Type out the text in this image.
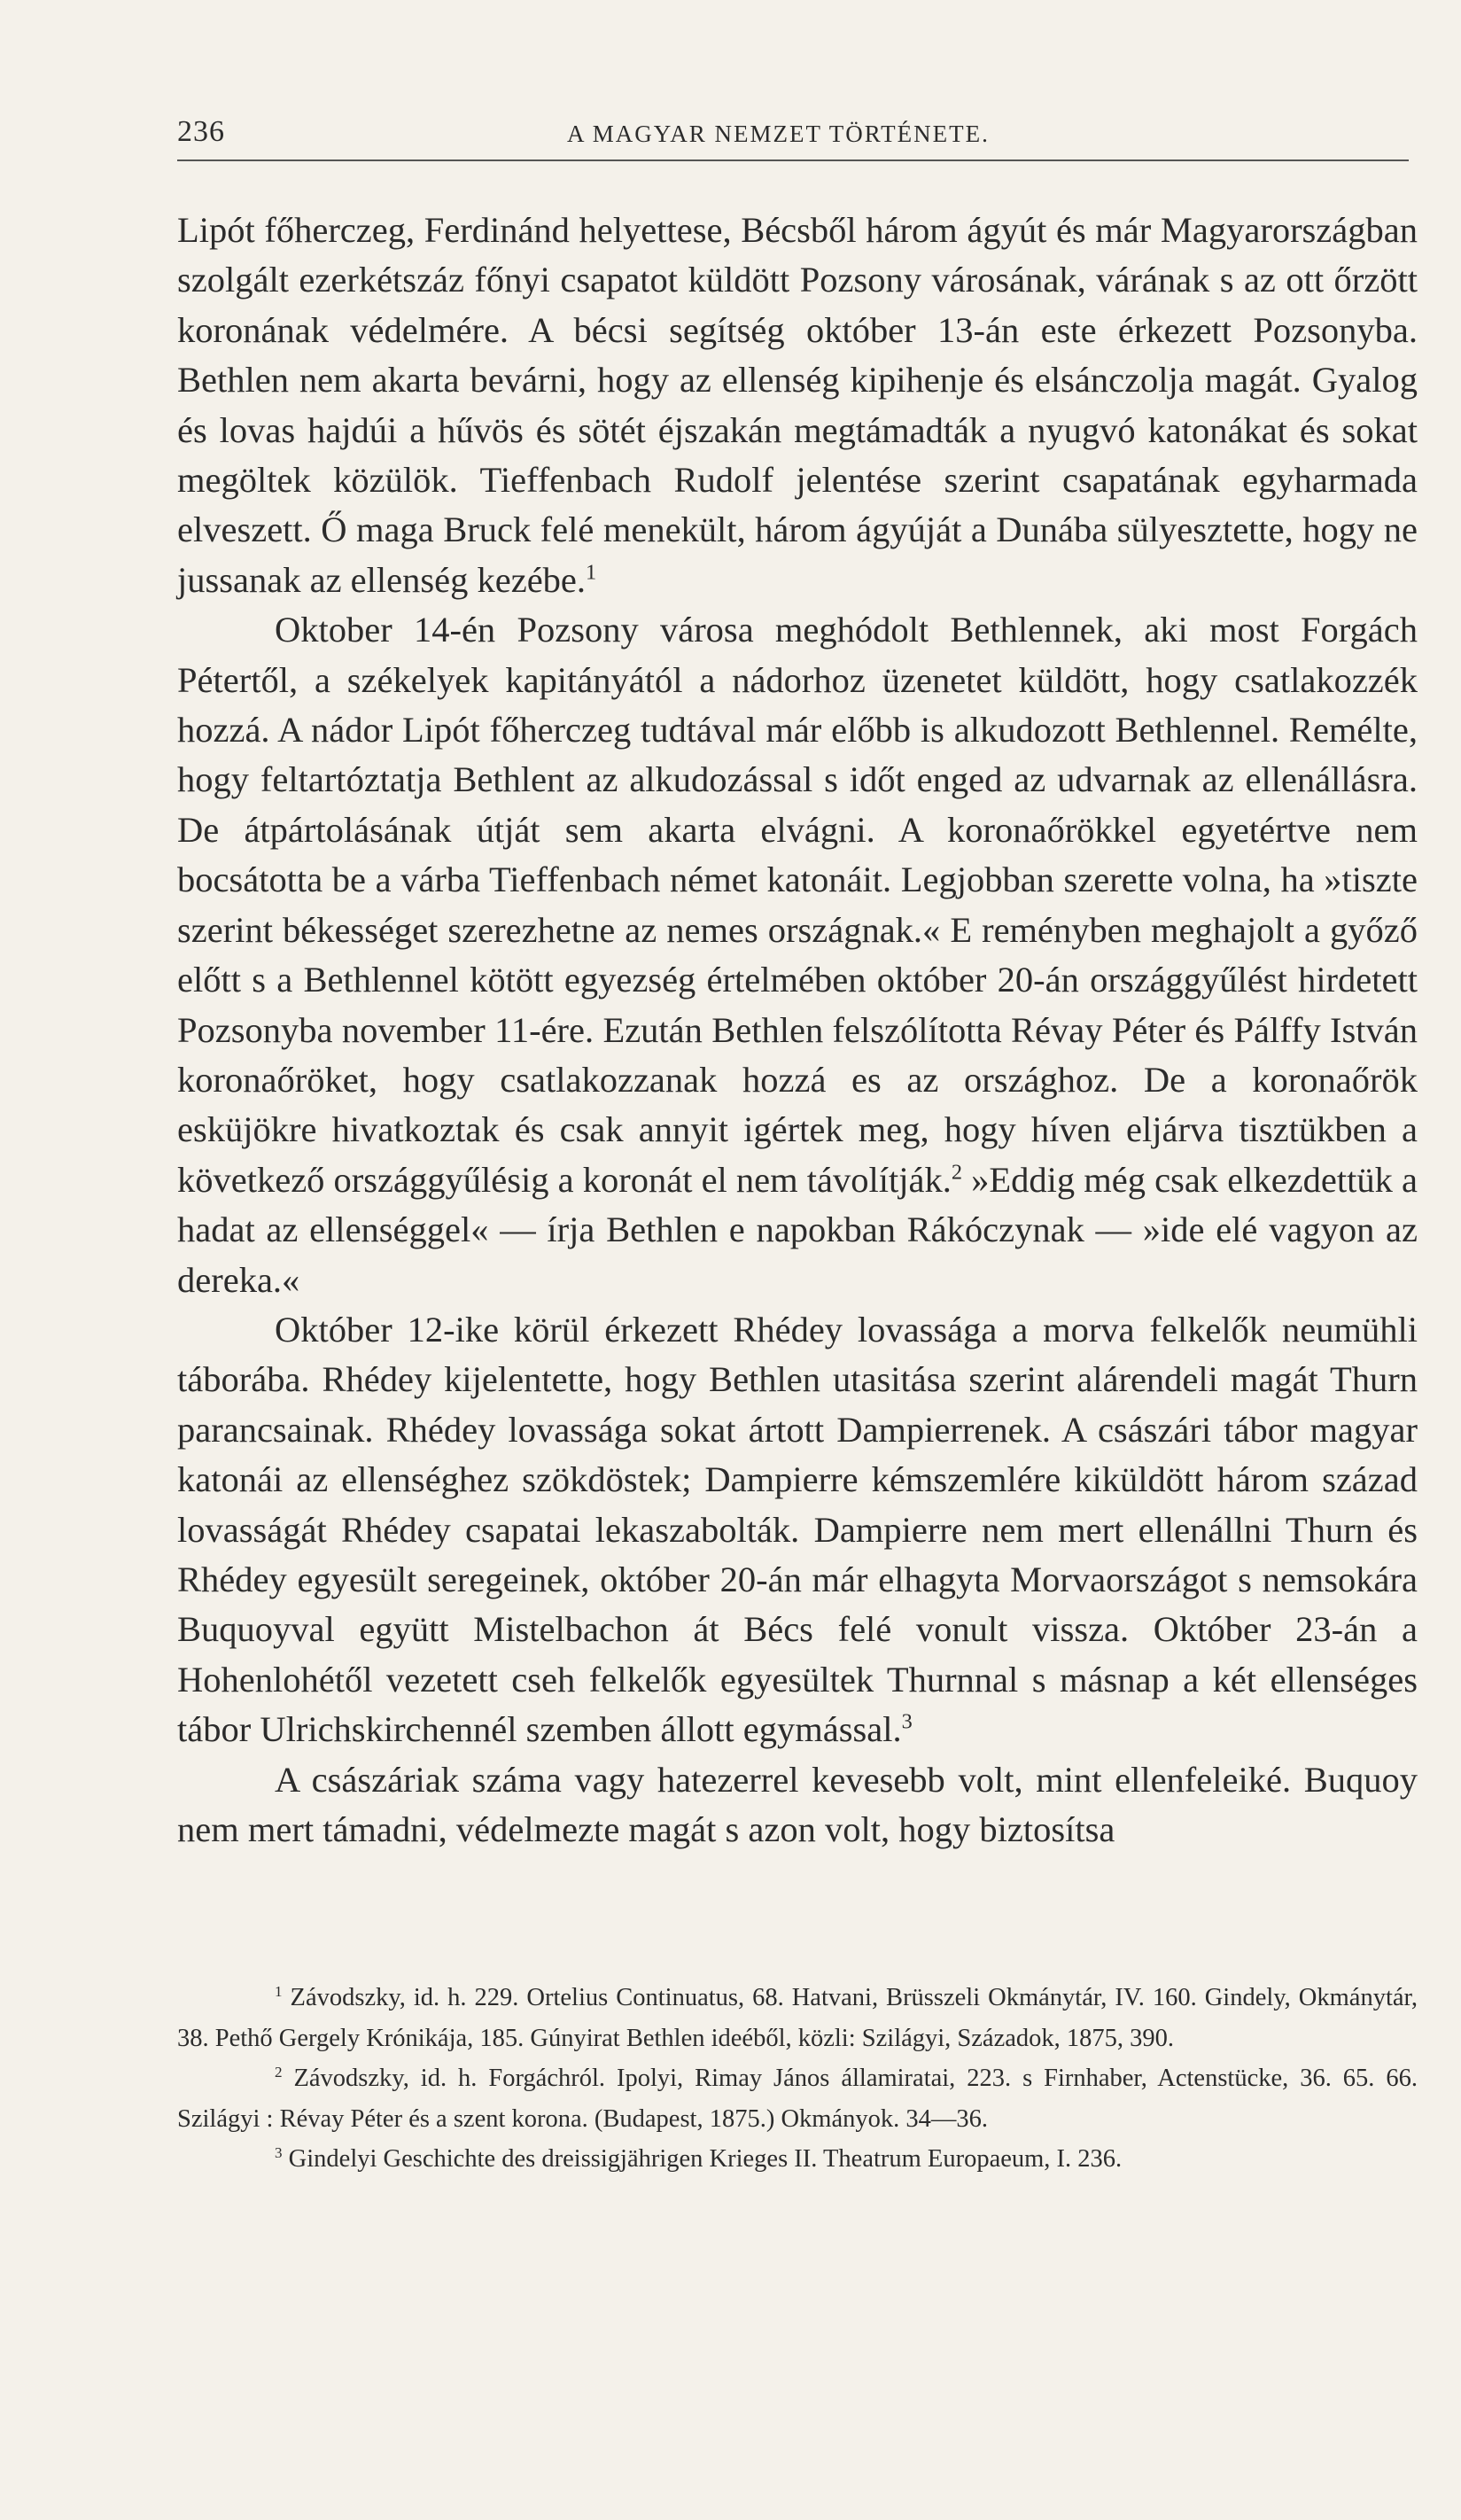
236	A MAGYAR NEMZET TÖRTÉNETE.

Lipót főherczeg, Ferdinánd helyettese, Bécsből három ágyút és már Magyarországban szolgált ezerkétszáz főnyi csapatot küldött Pozsony városának, várának s az ott őrzött koronának védelmére. A bécsi segítség október 13-án este érkezett Pozsonyba. Bethlen nem akarta bevárni, hogy az ellenség kipihenje és elsánczolja magát. Gyalog és lovas hajdúi a hűvös és sötét éjszakán megtámadták a nyugvó katonákat és sokat megöltek közülök. Tieffenbach Rudolf jelentése szerint csapatának egyharmada elveszett. Ő maga Bruck felé menekült, három ágyúját a Dunába sülyesztette, hogy ne jussanak az ellenség kezébe.$^1$

Oktober 14-én Pozsony városa meghódolt Bethlennek, aki most Forgách Pétertől, a székelyek kapitányától a nádorhoz üzenetet küldött, hogy csatlakozzék hozzá. A nádor Lipót főherczeg tudtával már előbb is alkudozott Bethlennel. Remélte, hogy feltartóztatja Bethlent az alkudozással s időt enged az udvarnak az ellenállásra. De átpártolásának útját sem akarta elvágni. A koronaőrökkel egyetértve nem bocsátotta be a várba Tieffenbach német katonáit. Legjobban szerette volna, ha »tiszte szerint békességet szerezhetne az nemes országnak.« E reményben meghajolt a győző előtt s a Bethlennel kötött egyezség értelmében október 20-án országgyűlést hirdetett Pozsonyba november 11-ére. Ezután Bethlen felszólította Révay Péter és Pálffy István koronaőröket, hogy csatlakozzanak hozzá es az országhoz. De a koronaőrök esküjökre hivatkoztak és csak annyit igértek meg, hogy híven eljárva tisztükben a következő országgyűlésig a koronát el nem távolítják.$^2$ »Eddig még csak elkezdettük a hadat az ellenséggel« — írja Bethlen e napokban Rákóczynak — »ide elé vagyon az dereka.«

Október 12-ike körül érkezett Rhédey lovassága a morva felkelők neumühli táborába. Rhédey kijelentette, hogy Bethlen utasitása szerint alárendeli magát Thurn parancsainak. Rhédey lovassága sokat ártott Dampierrenek. A császári tábor magyar katonái az ellenséghez szökdöstek; Dampierre kémszemlére kiküldött három század lovasságát Rhédey csapatai lekaszabolták. Dampierre nem mert ellenállni Thurn és Rhédey egyesült seregeinek, október 20-án már elhagyta Morvaországot s nemsokára Buquoyval együtt Mistelbachon át Bécs felé vonult vissza. Október 23-án a Hohenlohétől vezetett cseh felkelők egyesültek Thurnnal s másnap a két ellenséges tábor Ulrichskirchennél szemben állott egymással.$^3$

A császáriak száma vagy hatezerrel kevesebb volt, mint ellenfeleiké. Buquoy nem mert támadni, védelmezte magát s azon volt, hogy biztosítsa

$^1$ Závodszky, id. h. 229. Ortelius Continuatus, 68. Hatvani, Brüsszeli Okmánytár, IV. 160. Gindely, Okmánytár, 38. Pethő Gergely Krónikája, 185. Gúnyirat Bethlen ideéből, közli: Szilágyi, Századok, 1875, 390.

$^2$ Závodszky, id. h. Forgáchról. Ipolyi, Rimay János államiratai, 223. s Firnhaber, Actenstücke, 36. 65. 66. Szilágyi : Révay Péter és a szent korona. (Budapest, 1875.) Okmányok. 34—36.

$^3$ Gindelyi Geschichte des dreissigjährigen Krieges II. Theatrum Europaeum, I. 236.
